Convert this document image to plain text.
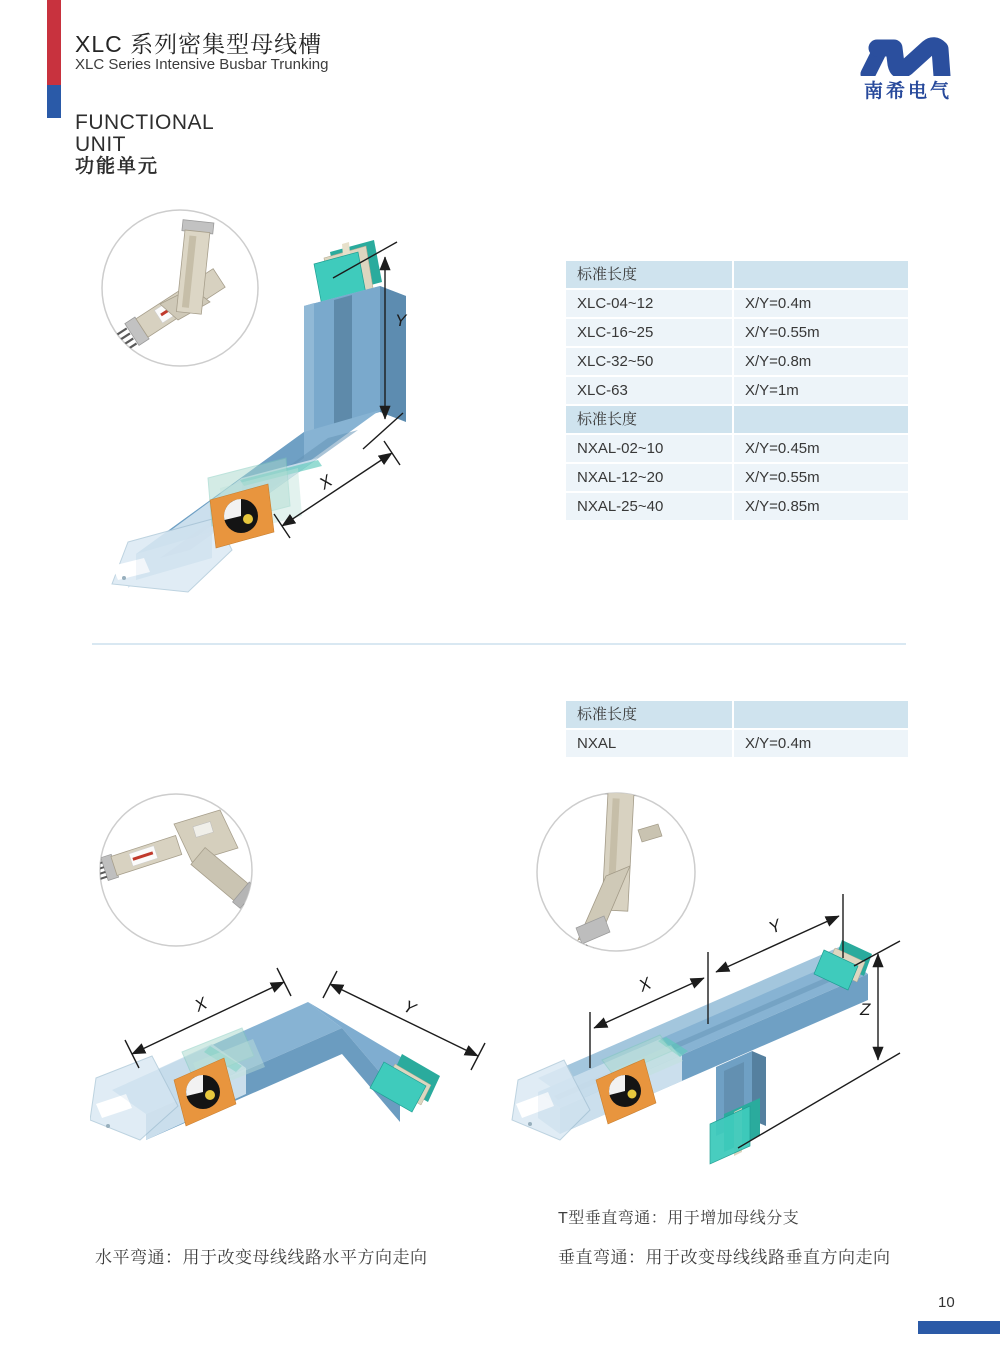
XLC 系列密集型母线槽
XLC Series Intensive Busbar Trunking
FUNCTIONAL
UNIT
功能单元
南希电气
Y
X
标准长度
XLC-04~12	X/Y=0.4m
XLC-16~25	X/Y=0.55m
XLC-32~50	X/Y=0.8m
XLC-63	X/Y=1m
标准长度
NXAL-02~10	X/Y=0.45m
NXAL-12~20	X/Y=0.55m
NXAL-25~40	X/Y=0.85m
标准长度
NXAL	X/Y=0.4m
X	Y
X
Y
Z
T型垂直弯通：用于增加母线分支
水平弯通：用于改变母线线路水平方向走向	垂直弯通：用于改变母线线路垂直方向走向
10
